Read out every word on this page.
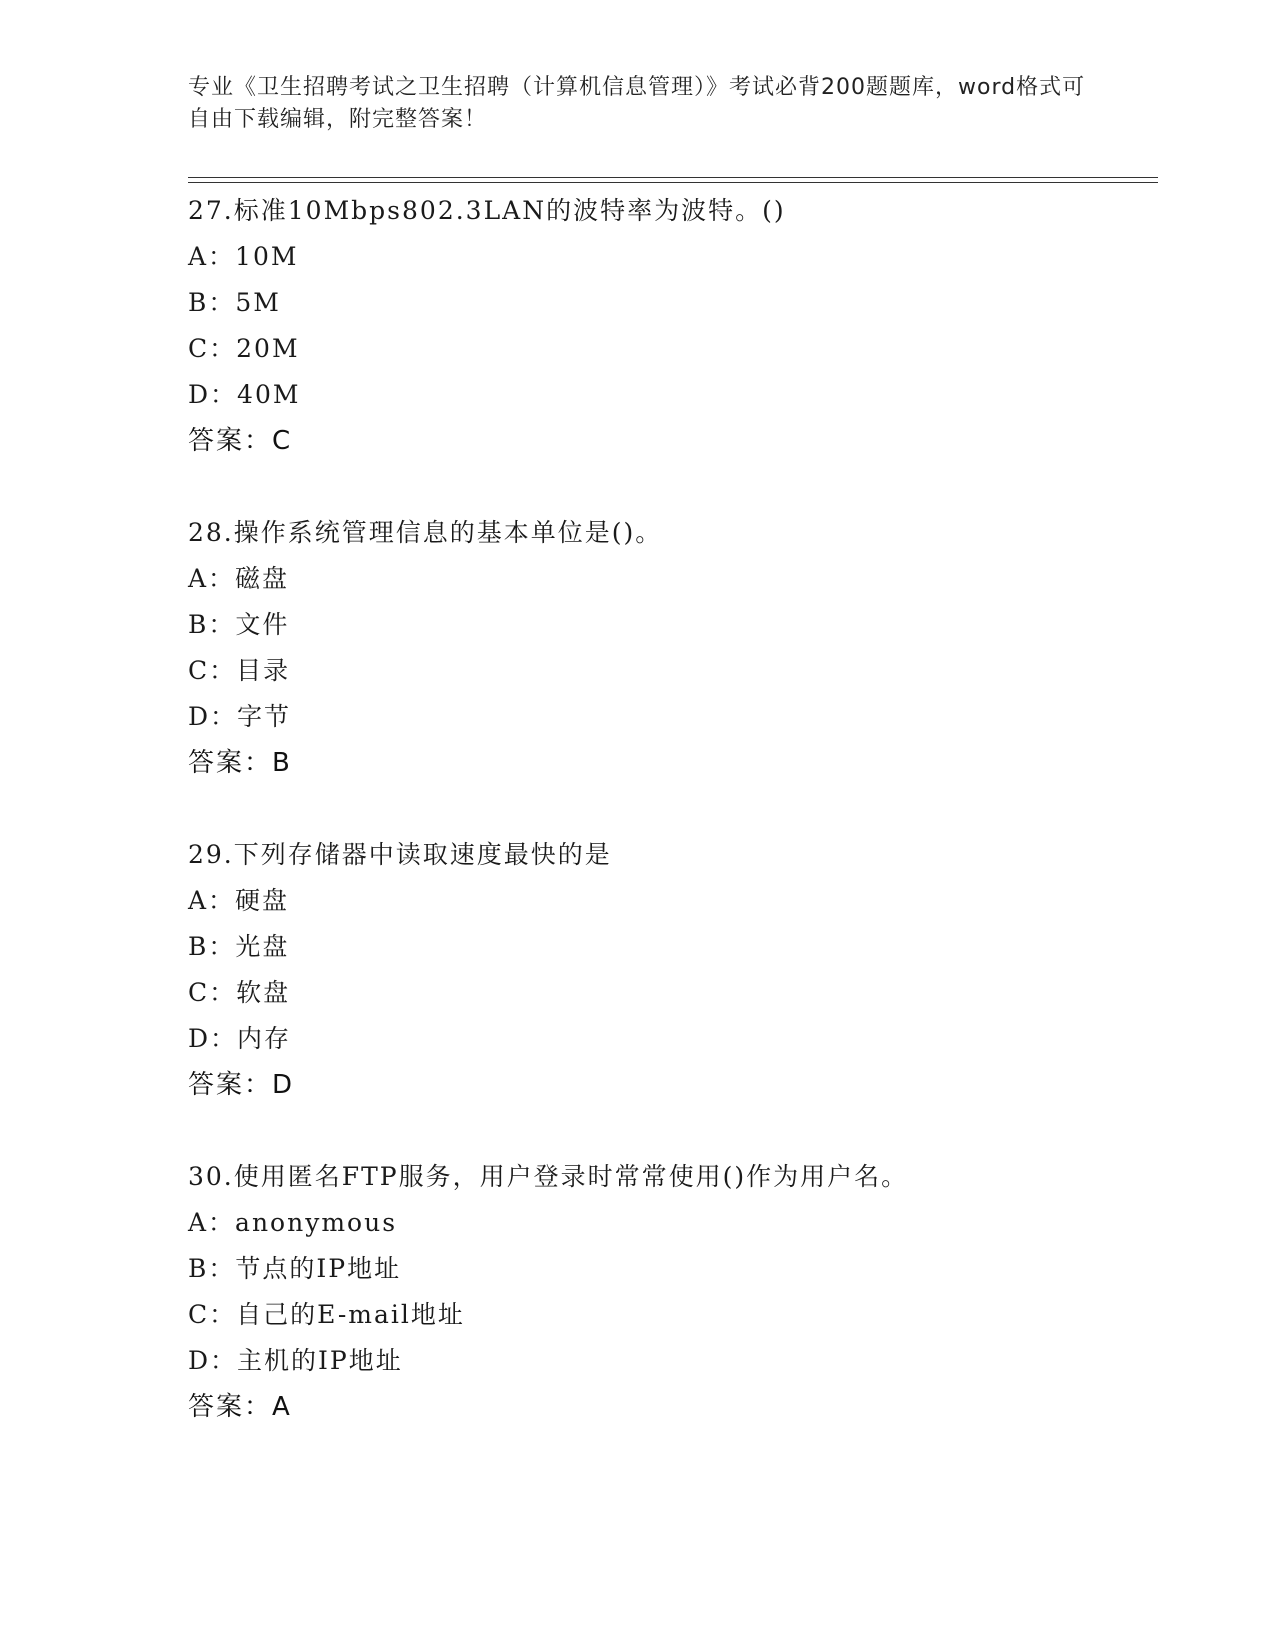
专业《卫生招聘考试之卫生招聘（计算机信息管理）》考试必背200题题库，word格式可自由下载编辑，附完整答案！
27.标准10Mbps802.3LAN的波特率为波特。()
A：10M
B：5M
C：20M
D：40M
答案：C
28.操作系统管理信息的基本单位是()。
A：磁盘
B：文件
C：目录
D：字节
答案：B
29.下列存储器中读取速度最快的是
A：硬盘
B：光盘
C：软盘
D：内存
答案：D
30.使用匿名FTP服务，用户登录时常常使用()作为用户名。
A：anonymous
B：节点的IP地址
C：自己的E-mail地址
D：主机的IP地址
答案：A
